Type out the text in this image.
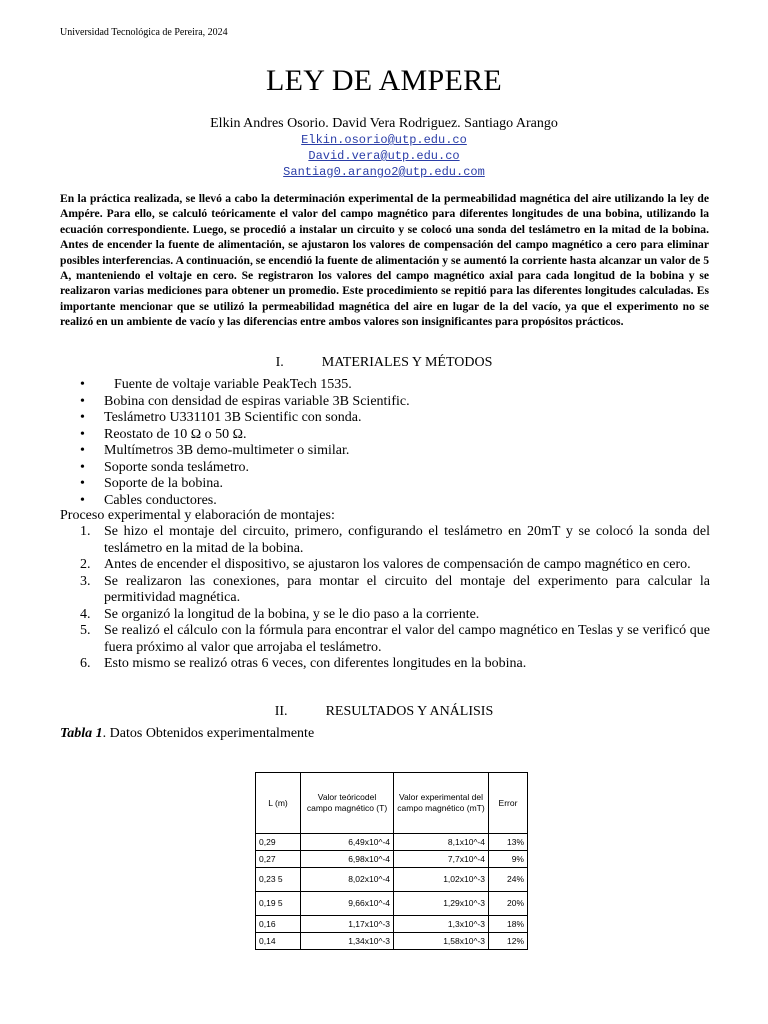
Universidad Tecnológica de Pereira, 2024
LEY DE AMPERE
Elkin Andres Osorio. David Vera Rodriguez. Santiago Arango
Elkin.osorio@utp.edu.co
David.vera@utp.edu.co
Santiag0.arango2@utp.edu.com

En la práctica realizada, se llevó a cabo la determinación experimental de la permeabilidad magnética del aire utilizando la ley de Ampére. Para ello, se calculó teóricamente el valor del campo magnético para diferentes longitudes de una bobina, utilizando la ecuación correspondiente. Luego, se procedió a instalar un circuito y se colocó una sonda del teslámetro en la mitad de la bobina. Antes de encender la fuente de alimentación, se ajustaron los valores de compensación del campo magnético a cero para eliminar posibles interferencias. A continuación, se encendió la fuente de alimentación y se aumentó la corriente hasta alcanzar un valor de 5 A, manteniendo el voltaje en cero. Se registraron los valores del campo magnético axial para cada longitud de la bobina y se realizaron varias mediciones para obtener un promedio. Este procedimiento se repitió para las diferentes longitudes calculadas. Es importante mencionar que se utilizó la permeabilidad magnética del aire en lugar de la del vacío, ya que el experimento no se realizó en un ambiente de vacío y las diferencias entre ambos valores son insignificantes para propósitos prácticos.

I.	MATERIALES Y MÉTODOS
• Fuente de voltaje variable PeakTech 1535.
• Bobina con densidad de espiras variable 3B Scientific.
• Teslámetro U331101 3B Scientific con sonda.
• Reostato de 10 Ω o 50 Ω.
• Multímetros 3B demo-multimeter o similar.
• Soporte sonda teslámetro.
• Soporte de la bobina.
• Cables conductores.
Proceso experimental y elaboración de montajes:
1. Se hizo el montaje del circuito, primero, configurando el teslámetro en 20mT y se colocó la sonda del teslámetro en la mitad de la bobina.
2. Antes de encender el dispositivo, se ajustaron los valores de compensación de campo magnético en cero.
3. Se realizaron las conexiones, para montar el circuito del montaje del experimento para calcular la permitividad magnética.
4. Se organizó la longitud de la bobina, y se le dio paso a la corriente.
5. Se realizó el cálculo con la fórmula para encontrar el valor del campo magnético en Teslas y se verificó que fuera próximo al valor que arrojaba el teslámetro.
6. Esto mismo se realizó otras 6 veces, con diferentes longitudes en la bobina.
II.	RESULTADOS Y ANÁLISIS
Tabla 1. Datos Obtenidos experimentalmente
L (m)	Valor teóricodel campo magnético (T)	Valor experimental del campo magnético (mT)	Error
0,29	6,49x10^-4	8,1x10^-4	13%
0,27	6,98x10^-4	7,7x10^-4	9%
0,23 5	8,02x10^-4	1,02x10^-3	24%
0,19 5	9,66x10^-4	1,29x10^-3	20%
0,16	1,17x10^-3	1,3x10^-3	18%
0,14	1,34x10^-3	1,58x10^-3	12%
